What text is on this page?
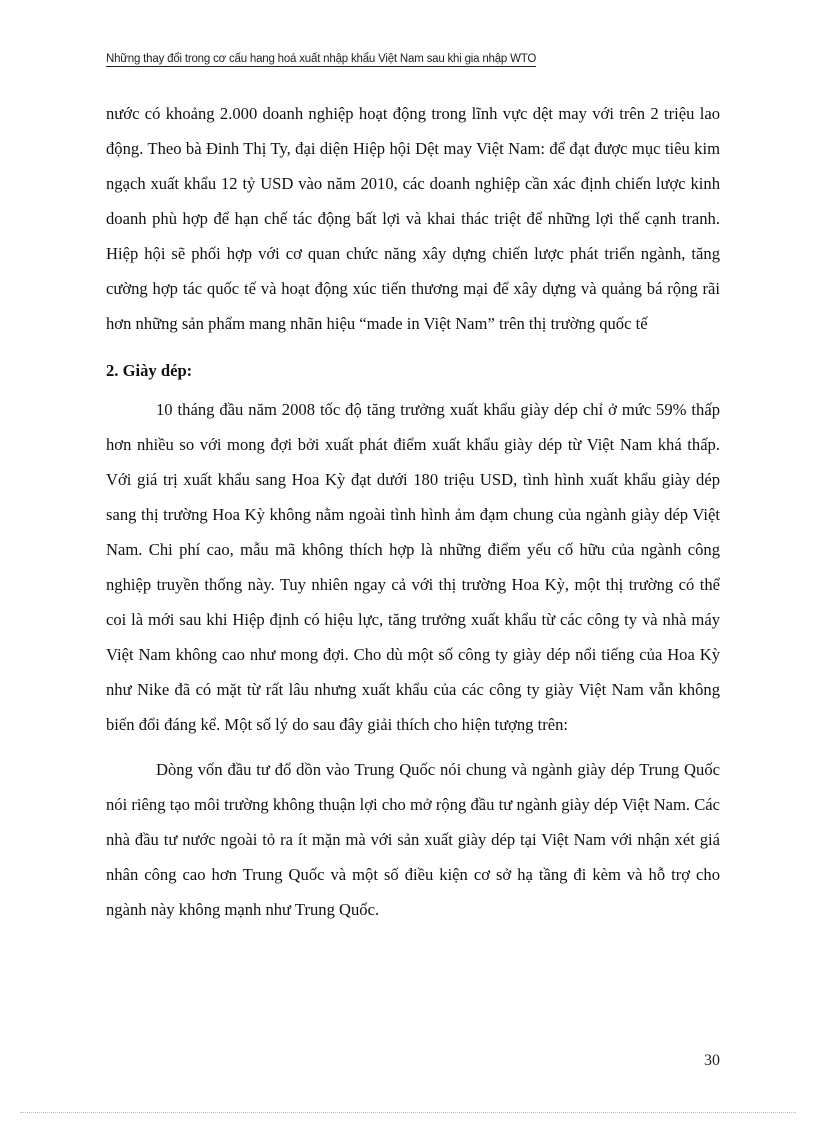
Những thay đổi trong cơ cấu hang hoá xuất nhập khẩu Việt Nam sau khi gia nhập WTO

nước có khoảng 2.000 doanh nghiệp hoạt động trong lĩnh vực dệt may với trên 2 triệu lao động. Theo bà Đinh Thị Ty, đại diện Hiệp hội Dệt may Việt Nam: để đạt được mục tiêu kim ngạch xuất khẩu 12 tỷ USD vào năm 2010, các doanh nghiệp cần xác định chiến lược kinh doanh phù hợp để hạn chế tác động bất lợi và khai thác triệt để những lợi thế cạnh tranh. Hiệp hội sẽ phối hợp với cơ quan chức năng xây dựng chiến lược phát triển ngành, tăng cường hợp tác quốc tế và hoạt động xúc tiến thương mại để xây dựng và quảng bá rộng rãi hơn những sản phẩm mang nhãn hiệu “made in Việt Nam” trên thị trường quốc tế

2. Giày dép:

10 tháng đầu năm 2008 tốc độ tăng trưởng xuất khẩu giày dép chỉ ở mức 59% thấp hơn nhiều so với mong đợi bởi xuất phát điểm xuất khẩu giày dép từ Việt Nam khá thấp. Với giá trị xuất khẩu sang Hoa Kỳ đạt dưới 180 triệu USD, tình hình xuất khẩu giày dép sang thị trường Hoa Kỳ không nằm ngoài tình hình ảm đạm chung của ngành giày dép Việt Nam. Chi phí cao, mẫu mã không thích hợp là những điểm yếu cố hữu của ngành công nghiệp truyền thống này. Tuy nhiên ngay cả với thị trường Hoa Kỳ, một thị trường có thể coi là mới sau khi Hiệp định có hiệu lực, tăng trưởng xuất khẩu từ các công ty và nhà máy Việt Nam không cao như mong đợi. Cho dù một số công ty giày dép nổi tiếng của Hoa Kỳ như Nike đã có mặt từ rất lâu nhưng xuất khẩu của các công ty giày Việt Nam vẫn không biến đổi đáng kể. Một số lý do sau đây giải thích cho hiện tượng trên:

Dòng vốn đầu tư đổ dồn vào Trung Quốc nói chung và ngành giày dép Trung Quốc nói riêng tạo môi trường không thuận lợi cho mở rộng đầu tư ngành giày dép Việt Nam. Các nhà đầu tư nước ngoài tỏ ra ít mặn mà với sản xuất giày dép tại Việt Nam với nhận xét giá nhân công cao hơn Trung Quốc và một số điều kiện cơ sở hạ tầng đi kèm và hỗ trợ cho ngành này không mạnh như Trung Quốc.

30
